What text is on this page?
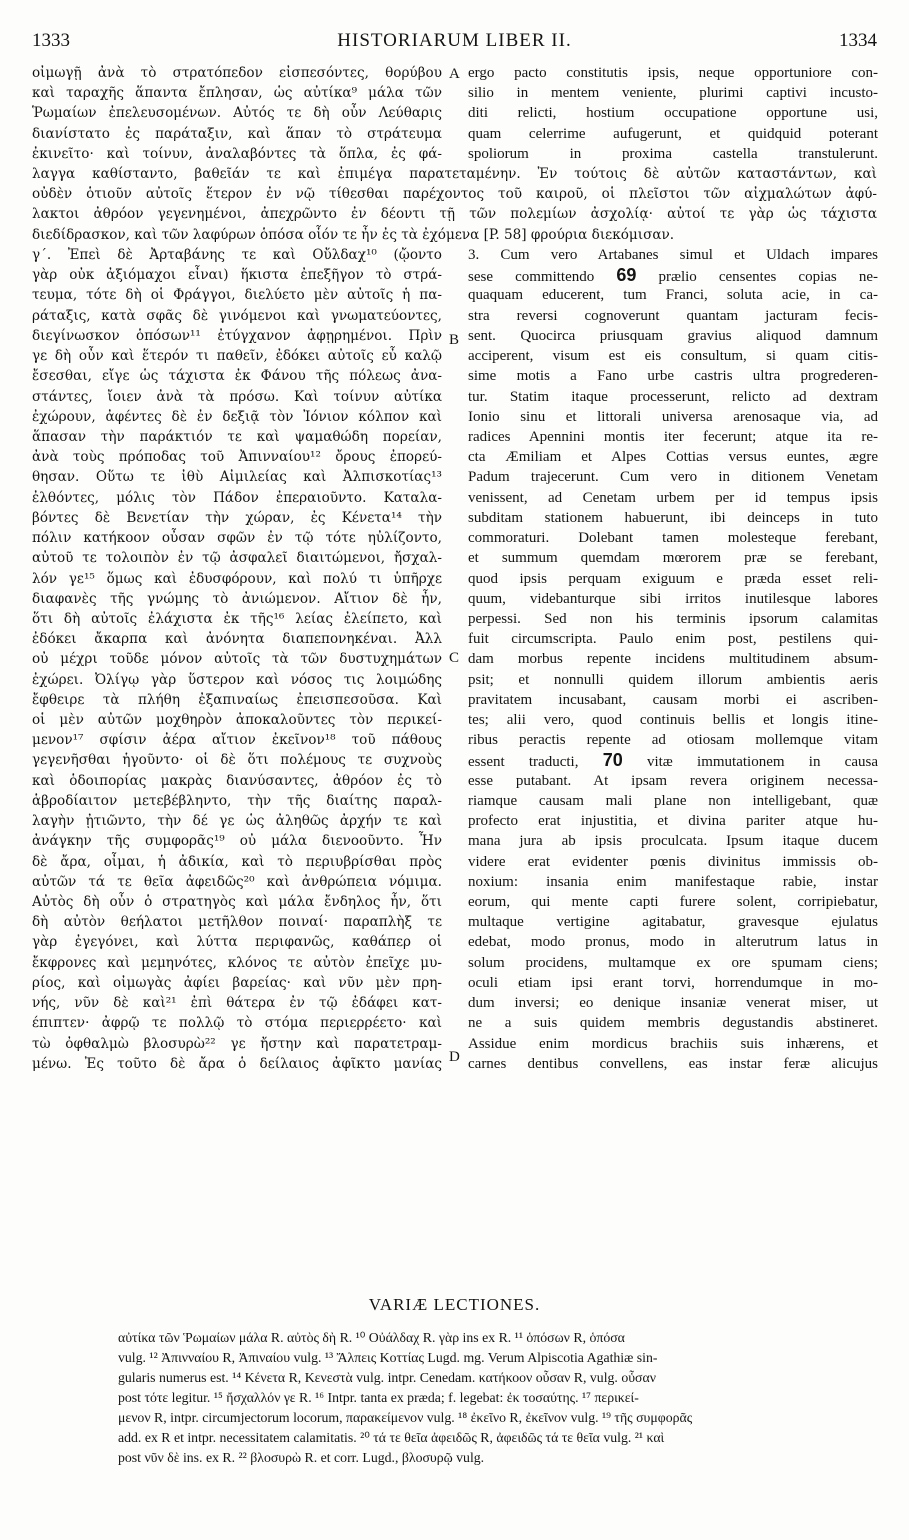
1333	HISTORIARUM LIBER II.	1334
οἰμωγῇ ἀνὰ τὸ στρατόπεδον εἰσπεσόντες, θορύβου
καὶ ταραχῆς ἅπαντα ἔπλησαν, ὡς αὐτίκα⁹ μάλα τῶν
Ῥωμαίων ἐπελευσομένων. Αὐτός τε δὴ οὖν Λεύθαρις
διανίστατο ἐς παράταξιν, καὶ ἅπαν τὸ στράτευμα
ἐκινεῖτο· καὶ τοίνυν, ἀναλαβόντες τὰ ὅπλα, ἐς φά-
ergo pacto constitutis ipsis, neque opportuniore con-
silio in mentem veniente, plurimi captivi incusto-
diti relicti, hostium occupatione opportune usi,
quam celerrime aufugerunt, et quidquid poterant
spoliorum in proxima castella transtulerunt.
λαγγα καθίσταντο, βαθεῖάν τε καὶ ἐπιμέγα παρατεταμένην. Ἐν τούτοις δὲ αὐτῶν καταστάντων, καὶ
οὐδὲν ὁτιοῦν αὐτοῖς ἕτερον ἐν νῷ τίθεσθαι παρέχοντος τοῦ καιροῦ, οἱ πλεῖστοι τῶν αἰχμαλώτων ἀφύ-
λακτοι ἀθρόον γεγενημένοι, ἀπεχρῶντο ἐν δέοντι τῇ τῶν πολεμίων ἀσχολίᾳ· αὐτοί τε γὰρ ὡς τάχιστα
διεδίδρασκον, καὶ τῶν λαφύρων ὁπόσα οἷόν τε ἦν ἐς τὰ ἐχόμενα [P. 58] φρούρια διεκόμισαν.
γ΄. Ἐπεὶ δὲ Ἀρταβάνης τε καὶ Οὔλδαχ¹⁰ (ᾤοντο
γὰρ οὐκ ἀξιόμαχοι εἶναι) ἥκιστα ἐπεξῆγον τὸ στρά-
τευμα, τότε δὴ οἱ Φράγγοι, διελύετο μὲν αὐτοῖς ἡ πα-
ράταξις, κατὰ σφᾶς δὲ γινόμενοι καὶ γνωματεύοντες,
διεγίνωσκον ὁπόσων¹¹ ἐτύγχανον ἀφῃρημένοι. Πρὶν
γε δὴ οὖν καὶ ἕτερόν τι παθεῖν, ἐδόκει αὐτοῖς εὖ καλῷ
ἔσεσθαι, εἴγε ὡς τάχιστα ἐκ Φάνου τῆς πόλεως ἀνα-
στάντες, ἴοιεν ἀνὰ τὰ πρόσω. Καὶ τοίνυν αὐτίκα
ἐχώρουν, ἀφέντες δὲ ἐν δεξιᾷ τὸν Ἰόνιον κόλπον καὶ
ἅπασαν τὴν παράκτιόν τε καὶ ψαμαθώδη πορείαν,
ἀνὰ τοὺς πρόποδας τοῦ Ἀπινναίου¹² ὄρους ἐπορεύ-
θησαν. Οὕτω τε ἰθὺ Αἰμιλείας καὶ Ἀλπισκοτίας¹³
ἐλθόντες, μόλις τὸν Πάδον ἐπεραιοῦντο. Καταλα-
βόντες δὲ Βενετίαν τὴν χώραν, ἐς Κένετα¹⁴ τὴν
πόλιν κατήκοον οὖσαν σφῶν ἐν τῷ τότε ηὐλίζοντο,
αὐτοῦ τε τολοιπὸν ἐν τῷ ἀσφαλεῖ διαιτώμενοι, ἤσχαλ-
λόν γε¹⁵ ὅμως καὶ ἐδυσφόρουν, καὶ πολύ τι ὑπῆρχε
διαφανὲς τῆς γνώμης τὸ ἀνιώμενον. Αἴτιον δὲ ἦν,
ὅτι δὴ αὐτοῖς ἐλάχιστα ἐκ τῆς¹⁶ λείας ἐλείπετο, καὶ
ἐδόκει ἄκαρπα καὶ ἀνόνητα διαπεπονηκέναι. Ἀλλ
οὐ μέχρι τοῦδε μόνον αὐτοῖς τὰ τῶν δυστυχημάτων
ἐχώρει. Ὀλίγῳ γὰρ ὕστερον καὶ νόσος τις λοιμώδης
ἔφθειρε τὰ πλήθη ἐξαπιναίως ἐπεισπεσοῦσα. Καὶ
οἱ μὲν αὐτῶν μοχθηρὸν ἀποκαλοῦντες τὸν περικεί-
μενον¹⁷ σφίσιν ἀέρα αἴτιον ἐκεῖνον¹⁸ τοῦ πάθους
γεγενῆσθαι ἡγοῦντο· οἱ δὲ ὅτι πολέμους τε συχνοὺς
καὶ ὁδοιπορίας μακρὰς διανύσαντες, ἀθρόον ἐς τὸ
ἁβροδίαιτον μετεβέβληντο, τὴν τῆς διαίτης παραλ-
λαγὴν ᾐτιῶντο, τὴν δέ γε ὡς ἀληθῶς ἀρχήν τε καὶ
ἀνάγκην τῆς συμφορᾶς¹⁹ οὐ μάλα διενοοῦντο. Ἦν
δὲ ἄρα, οἶμαι, ἡ ἀδικία, καὶ τὸ περιυβρίσθαι πρὸς
αὐτῶν τά τε θεῖα ἀφειδῶς²⁰ καὶ ἀνθρώπεια νόμιμα.
Αὐτὸς δὴ οὖν ὁ στρατηγὸς καὶ μάλα ἔνδηλος ἦν, ὅτι
δὴ αὐτὸν θεήλατοι μετῆλθον ποιναί· παραπλὴξ τε
γὰρ ἐγεγόνει, καὶ λύττα περιφανῶς, καθάπερ οἱ
ἔκφρονες καὶ μεμηνότες, κλόνος τε αὐτὸν ἐπεῖχε μυ-
ρίος, καὶ οἰμωγὰς ἀφίει βαρείας· καὶ νῦν μὲν πρη-
νής, νῦν δὲ καὶ²¹ ἐπὶ θάτερα ἐν τῷ ἐδάφει κατ-
έπιπτεν· ἀφρῷ τε πολλῷ τὸ στόμα περιερρέετο· καὶ
τὼ ὀφθαλμὼ βλοσυρὼ²² γε ἤστην καὶ παρατετραμ-
μένω. Ἐς τοῦτο δὲ ἄρα ὁ δείλαιος ἀφῖκτο μανίας
3. Cum vero Artabanes simul et Uldach impares
sese committendo 69 prælio censentes copias ne-
quaquam educerent, tum Franci, soluta acie, in ca-
stra reversi cognoverunt quantam jacturam fecis-
sent. Quocirca priusquam gravius aliquod damnum
acciperent, visum est eis consultum, si quam citis-
sime motis a Fano urbe castris ultra progrederen-
tur. Statim itaque processerunt, relicto ad dextram
Ionio sinu et littorali universa arenosaque via, ad
radices Apennini montis iter fecerunt; atque ita re-
cta Æmiliam et Alpes Cottias versus euntes, ægre
Padum trajecerunt. Cum vero in ditionem Venetam
venissent, ad Cenetam urbem per id tempus ipsis
subditam stationem habuerunt, ibi deinceps in tuto
commoraturi. Dolebant tamen molesteque ferebant,
et summum quemdam mœrorem præ se ferebant,
quod ipsis perquam exiguum e præda esset reli-
quum, videbanturque sibi irritos inutilesque labores
perpessi. Sed non his terminis ipsorum calamitas
fuit circumscripta. Paulo enim post, pestilens qui-
dam morbus repente incidens multitudinem absum-
psit; et nonnulli quidem illorum ambientis aeris
pravitatem incusabant, causam morbi ei ascriben-
tes; alii vero, quod continuis bellis et longis itine-
ribus peractis repente ad otiosam mollemque vitam
essent traducti, 70 vitæ immutationem in causa
esse putabant. At ipsam revera originem necessa-
riamque causam mali plane non intelligebant, quæ
profecto erat injustitia, et divina pariter atque hu-
mana jura ab ipsis proculcata. Ipsum itaque ducem
videre erat evidenter pœnis divinitus immissis ob-
noxium: insania enim manifestaque rabie, instar
eorum, qui mente capti furere solent, corripiebatur,
multaque vertigine agitabatur, gravesque ejulatus
edebat, modo pronus, modo in alterutrum latus in
solum procidens, multamque ex ore spumam ciens;
oculi etiam ipsi erant torvi, horrendumque in mo-
dum inversi; eo denique insaniæ venerat miser, ut
ne a suis quidem membris degustandis abstineret.
Assidue enim mordicus brachiis suis inhærens, et
carnes dentibus convellens, eas instar feræ alicujus
A
B
C
D
VARIÆ LECTIONES.
αὐτίκα τῶν Ῥωμαίων μάλα R. αὐτὸς δὴ R. ¹⁰ Οὐάλδαχ R. γὰρ ins ex R. ¹¹ ὁπόσων R, ὁπόσα
vulg. ¹² Ἀπινναίου R, Ἀπιναίου vulg. ¹³ Ἄλπεις Κοττίας Lugd. mg. Verum Alpiscotia Agathiæ sin-
gularis numerus est. ¹⁴ Κένετα R, Κενεστὰ vulg. intpr. Cenedam. κατήκοον οὖσαν R, vulg. οὖσαν
post τότε legitur. ¹⁵ ἤσχαλλόν γε R. ¹⁶ Intpr. tanta ex præda; f. legebat: ἐκ τοσαύτης. ¹⁷ περικεί-
μενον R, intpr. circumjectorum locorum, παρακείμενον vulg. ¹⁸ ἐκεῖνο R, ἐκεῖνον vulg. ¹⁹ τῆς συμφορᾶς
add. ex R et intpr. necessitatem calamitatis. ²⁰ τά τε θεῖα ἀφειδῶς R, ἀφειδῶς τά τε θεῖα vulg. ²¹ καὶ
post νῦν δὲ ins. ex R. ²² βλοσυρὼ R. et corr. Lugd., βλοσυρῷ vulg.
